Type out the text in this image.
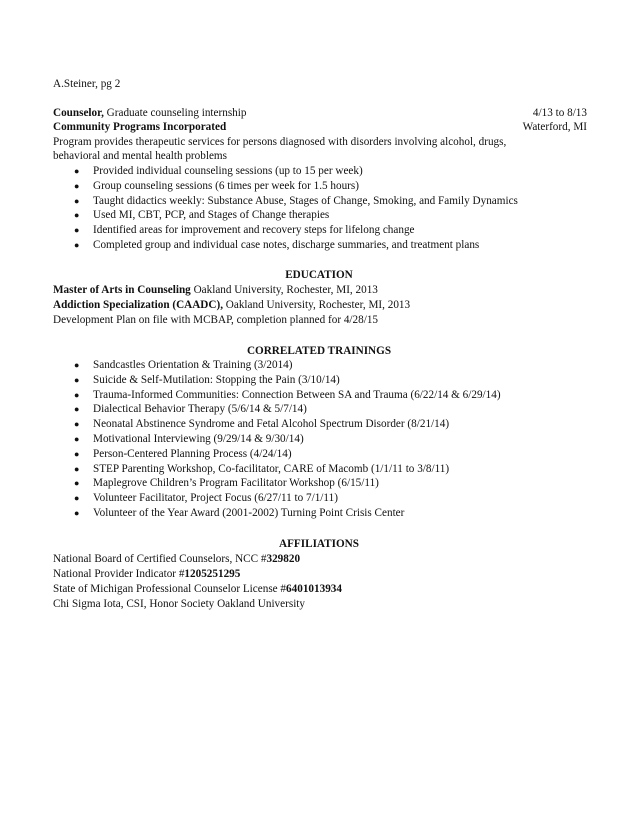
A.Steiner, pg 2
Counselor, Graduate counseling internship	4/13 to 8/13
Community Programs Incorporated	Waterford, MI
Program provides therapeutic services for persons diagnosed with disorders involving alcohol, drugs, behavioral and mental health problems
● Provided individual counseling sessions (up to 15 per week)
● Group counseling sessions (6 times per week for 1.5 hours)
● Taught didactics weekly: Substance Abuse, Stages of Change, Smoking, and Family Dynamics
● Used MI, CBT, PCP, and Stages of Change therapies
● Identified areas for improvement and recovery steps for lifelong change
● Completed group and individual case notes, discharge summaries, and treatment plans
EDUCATION
Master of Arts in Counseling Oakland University, Rochester, MI, 2013
Addiction Specialization (CAADC), Oakland University, Rochester, MI, 2013
Development Plan on file with MCBAP, completion planned for 4/28/15
CORRELATED TRAININGS
● Sandcastles Orientation & Training (3/2014)
● Suicide & Self-Mutilation: Stopping the Pain (3/10/14)
● Trauma-Informed Communities: Connection Between SA and Trauma (6/22/14 & 6/29/14)
● Dialectical Behavior Therapy (5/6/14 & 5/7/14)
● Neonatal Abstinence Syndrome and Fetal Alcohol Spectrum Disorder (8/21/14)
● Motivational Interviewing (9/29/14 & 9/30/14)
● Person-Centered Planning Process (4/24/14)
● STEP Parenting Workshop, Co-facilitator, CARE of Macomb (1/1/11 to 3/8/11)
● Maplegrove Children’s Program Facilitator Workshop (6/15/11)
● Volunteer Facilitator, Project Focus (6/27/11 to 7/1/11)
● Volunteer of the Year Award (2001-2002) Turning Point Crisis Center
AFFILIATIONS
National Board of Certified Counselors, NCC #329820
National Provider Indicator #1205251295
State of Michigan Professional Counselor License #6401013934
Chi Sigma Iota, CSI, Honor Society Oakland University
